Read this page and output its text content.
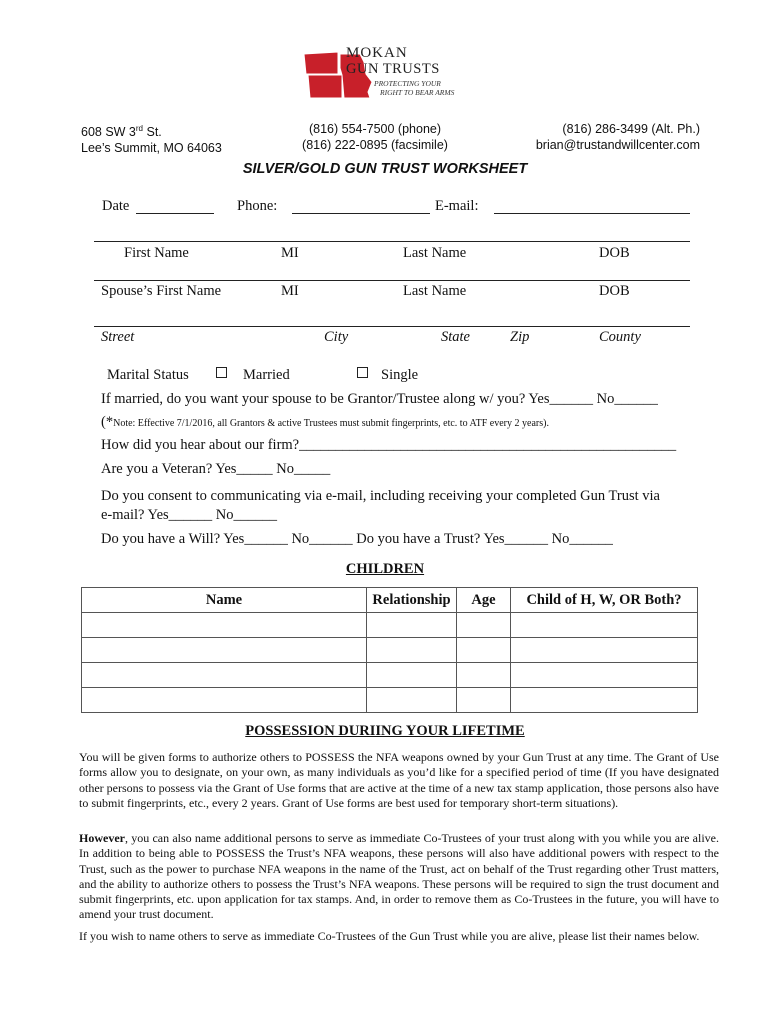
MOKAN
GUN TRUSTS
PROTECTING YOUR
RIGHT TO BEAR ARMS
608 SW 3rd St.
Lee’s Summit, MO 64063
(816) 554-7500 (phone)
(816) 222-0895 (facsimile)
(816) 286-3499 (Alt. Ph.)
brian@trustandwillcenter.com
SILVER/GOLD GUN TRUST WORKSHEET
Date	Phone:	E-mail:
First Name	MI	Last Name	DOB
Spouse’s First Name	MI	Last Name	DOB
Street	City	State	Zip	County
Marital Status	Married	Single
If married, do you want your spouse to be Grantor/Trustee along w/ you? Yes______ No______
(*Note: Effective 7/1/2016, all Grantors & active Trustees must submit fingerprints, etc. to ATF every 2 years).
How did you hear about our firm?____________________________________________________
Are you a Veteran? Yes_____ No_____
Do you consent to communicating via e-mail, including receiving your completed Gun Trust via
e-mail? Yes______ No______
Do you have a Will? Yes______ No______ Do you have a Trust? Yes______ No______
CHILDREN
Name	Relationship	Age	Child of H, W, OR Both?

POSSESSION DURIING YOUR LIFETIME
You will be given forms to authorize others to POSSESS the NFA weapons owned by your Gun Trust at any time. The Grant of Use forms allow you to designate, on your own, as many individuals as you’d like for a specified period of time (If you have designated other persons to possess via the Grant of Use forms that are active at the time of a new tax stamp application, those persons also have to submit fingerprints, etc., every 2 years. Grant of Use forms are best used for temporary short-term situations).
However, you can also name additional persons to serve as immediate Co-Trustees of your trust along with you while you are alive. In addition to being able to POSSESS the Trust’s NFA weapons, these persons will also have additional powers with respect to the Trust, such as the power to purchase NFA weapons in the name of the Trust, act on behalf of the Trust regarding other Trust matters, and the ability to authorize others to possess the Trust’s NFA weapons. These persons will be required to sign the trust document and submit fingerprints, etc. upon application for tax stamps. And, in order to remove them as Co-Trustees in the future, you will have to amend your trust document.
If you wish to name others to serve as immediate Co-Trustees of the Gun Trust while you are alive, please list their names below.
